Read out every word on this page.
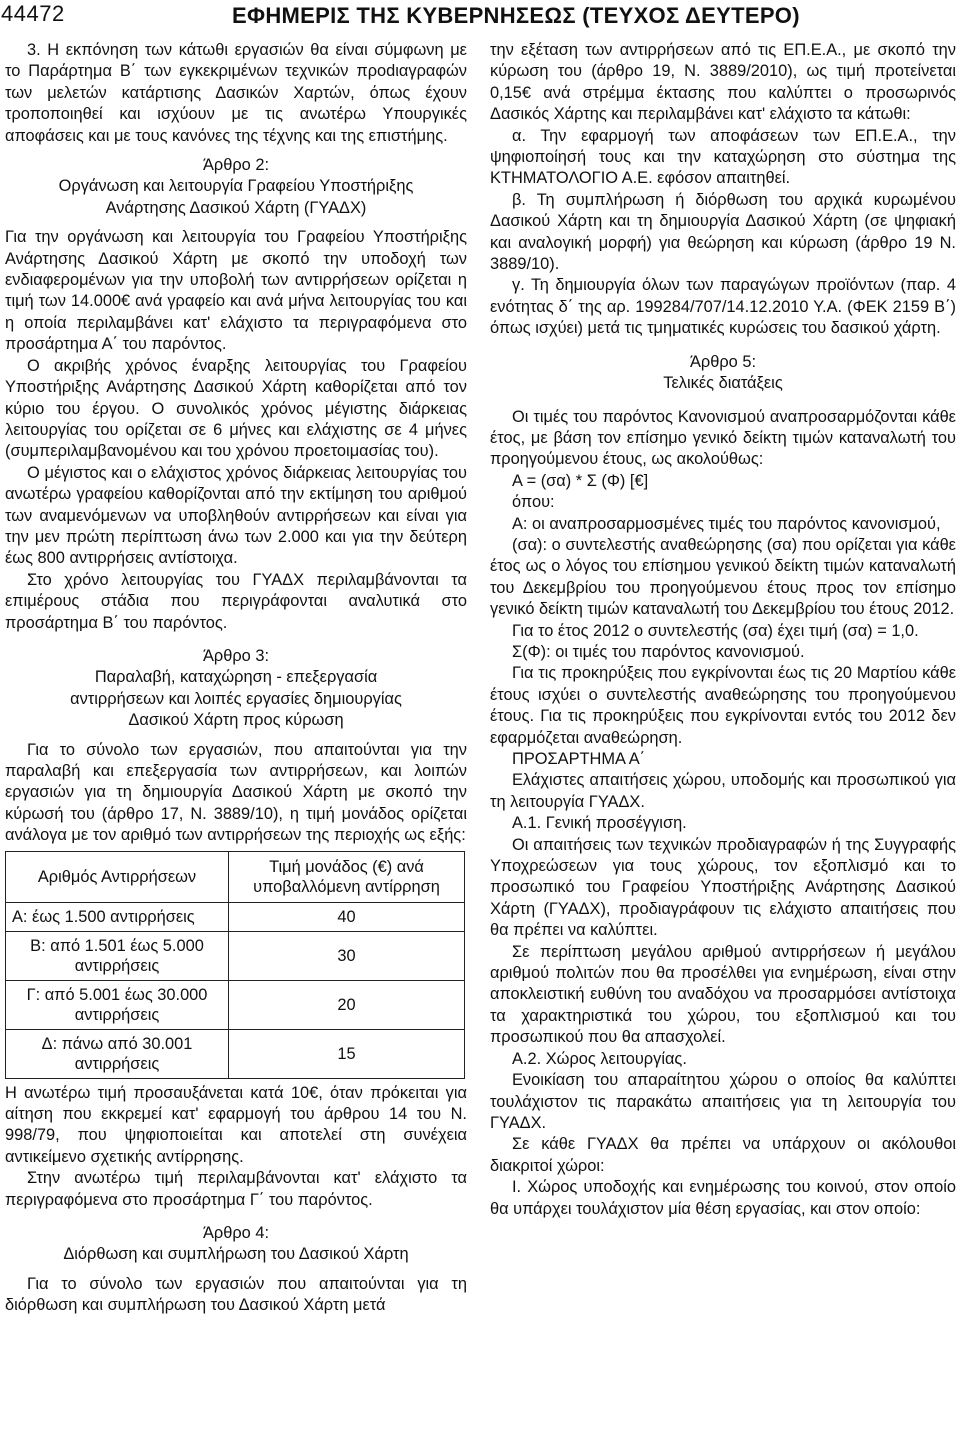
44472	ΕΦΗΜΕΡΙΣ ΤΗΣ ΚΥΒΕΡΝΗΣΕΩΣ (ΤΕΥΧΟΣ ΔΕΥΤΕΡΟ)

3. Η εκπόνηση των κάτωθι εργασιών θα είναι σύμφωνη με το Παράρτημα Β΄ των εγκεκριμένων τεχνικών προdιαγραφών των μελετών κατάρτισης Δασικών Χαρτών, όπως έχουν τροποποιηθεί και ισχύουν με τις ανωτέρω Υπουργικές αποφάσεις και με τους κανόνες της τέχνης και της επιστήμης.

Άρθρο 2:
Οργάνωση και λειτουργία Γραφείου Υποστήριξης
Ανάρτησης Δασικού Χάρτη (ΓΥΑΔΧ)

Για την οργάνωση και λειτουργία του Γραφείου Υποστήριξης Ανάρτησης Δασικού Χάρτη με σκοπό την υποδοχή των ενδιαφερομένων για την υποβολή των αντιρρήσεων ορίζεται η τιμή των 14.000€ ανά γραφείο και ανά μήνα λειτουργίας του και η οποία περιλαμβάνει κατ' ελάχιστο τα περιγραφόμενα στο προσάρτημα Α΄ του παρόντος.

Ο ακριβής χρόνος έναρξης λειτουργίας του Γραφείου Υποστήριξης Ανάρτησης Δασικού Χάρτη καθορίζεται από τον κύριο του έργου. Ο συνολικός χρόνος μέγιστης διάρκειας λειτουργίας του ορίζεται σε 6 μήνες και ελάχιστης σε 4 μήνες (συμπεριλαμβανομένου και του χρόνου προετοιμασίας του).

Ο μέγιστος και ο ελάχιστος χρόνος διάρκειας λειτουργίας του ανωτέρω γραφείου καθορίζονται από την εκτίμηση του αριθμού των αναμενόμενων να υποβληθούν αντιρρήσεων και είναι για την μεν πρώτη περίπτωση άνω των 2.000 και για την δεύτερη έως 800 αντιρρήσεις αντίστοιχα.

Στο χρόνο λειτουργίας του ΓΥΑΔΧ περιλαμβάνονται τα επιμέρους στάδια που περιγράφονται αναλυτικά στο προσάρτημα Β΄ του παρόντος.

Άρθρο 3:
Παραλαβή, καταχώρηση - επεξεργασία
αντιρρήσεων και λοιπές εργασίες δημιουργίας
Δασικού Χάρτη προς κύρωση

Για το σύνολο των εργασιών, που απαιτούνται για την παραλαβή και επεξεργασία των αντιρρήσεων, και λοιπών εργασιών για τη δημιουργία Δασικού Χάρτη με σκοπό την κύρωσή του (άρθρο 17, Ν. 3889/10), η τιμή μονάδος ορίζεται ανάλογα με τον αριθμό των αντιρρήσεων της περιοχής ως εξής:

Αριθμός Αντιρρήσεων	Τιμή μονάδος (€) ανά υποβαλλόμενη αντίρρηση
Α: έως 1.500 αντιρρήσεις	40
Β: από 1.501 έως 5.000 αντιρρήσεις	30
Γ: από 5.001 έως 30.000 αντιρρήσεις	20
Δ: πάνω από 30.001 αντιρρήσεις	15

Η ανωτέρω τιμή προσαυξάνεται κατά 10€, όταν πρόκειται για αίτηση που εκκρεμεί κατ' εφαρμογή του άρθρου 14 του Ν. 998/79, που ψηφιοποιείται και αποτελεί στη συνέχεια αντικείμενο σχετικής αντίρρησης.

Στην ανωτέρω τιμή περιλαμβάνονται κατ' ελάχιστο τα περιγραφόμενα στο προσάρτημα Γ΄ του παρόντος.

Άρθρο 4:
Διόρθωση και συμπλήρωση του Δασικού Χάρτη

Για το σύνολο των εργασιών που απαιτούνται για τη διόρθωση και συμπλήρωση του Δασικού Χάρτη μετά

την εξέταση των αντιρρήσεων από τις ΕΠ.Ε.Α., με σκοπό την κύρωση του (άρθρο 19, Ν. 3889/2010), ως τιμή προτείνεται 0,15€ ανά στρέμμα έκτασης που καλύπτει ο προσωρινός Δασικός Χάρτης και περιλαμβάνει κατ' ελάχιστο τα κάτωθι:

α. Την εφαρμογή των αποφάσεων των ΕΠ.Ε.Α., την ψηφιοποίησή τους και την καταχώρηση στο σύστημα της ΚΤΗΜΑΤΟΛΟΓΙΟ Α.Ε. εφόσον απαιτηθεί.

β. Τη συμπλήρωση ή διόρθωση του αρχικά κυρωμένου Δασικού Χάρτη και τη δημιουργία Δασικού Χάρτη (σε ψηφιακή και αναλογική μορφή) για θεώρηση και κύρωση (άρθρο 19 Ν. 3889/10).

γ. Τη δημιουργία όλων των παραγώγων προϊόντων (παρ. 4 ενότητας δ΄ της αρ. 199284/707/14.12.2010 Υ.Α. (ΦΕΚ 2159 Β΄) όπως ισχύει) μετά τις τμηματικές κυρώσεις του δασικού χάρτη.

Άρθρο 5:
Τελικές διατάξεις

Οι τιμές του παρόντος Κανονισμού αναπροσαρμόζονται κάθε έτος, με βάση τον επίσημο γενικό δείκτη τιμών καταναλωτή του προηγούμενου έτους, ως ακολούθως:

Α = (σα) * Σ (Φ) [€]

όπου:

Α: οι αναπροσαρμοσμένες τιμές του παρόντος κανονισμού,

(σα): ο συντελεστής αναθεώρησης (σα) που ορίζεται για κάθε έτος ως ο λόγος του επίσημου γενικού δείκτη τιμών καταναλωτή του Δεκεμβρίου του προηγούμενου έτους προς τον επίσημο γενικό δείκτη τιμών καταναλωτή του Δεκεμβρίου του έτους 2012.

Για το έτος 2012 ο συντελεστής (σα) έχει τιμή (σα) = 1,0.

Σ(Φ): οι τιμές του παρόντος κανονισμού.

Για τις προκηρύξεις που εγκρίνονται έως τις 20 Μαρτίου κάθε έτους ισχύει ο συντελεστής αναθεώρησης του προηγούμενου έτους. Για τις προκηρύξεις που εγκρίνονται εντός του 2012 δεν εφαρμόζεται αναθεώρηση.

ΠΡΟΣΑΡΤΗΜΑ Α΄

Ελάχιστες απαιτήσεις χώρου, υποδομής και προσωπικού για τη λειτουργία ΓΥΑΔΧ.

Α.1. Γενική προσέγγιση.

Οι απαιτήσεις των τεχνικών προδιαγραφών ή της Συγγραφής Υποχρεώσεων για τους χώρους, τον εξοπλισμό και το προσωπικό του Γραφείου Υποστήριξης Ανάρτησης Δασικού Χάρτη (ΓΥΑΔΧ), προδιαγράφουν τις ελάχιστο απαιτήσεις που θα πρέπει να καλύπτει.

Σε περίπτωση μεγάλου αριθμού αντιρρήσεων ή μεγάλου αριθμού πολιτών που θα προσέλθει για ενημέρωση, είναι στην αποκλειστική ευθύνη του αναδόχου να προσαρμόσει αντίστοιχα τα χαρακτηριστικά του χώρου, του εξοπλισμού και του προσωπικού που θα απασχολεί.

Α.2. Χώρος λειτουργίας.

Ενοικίαση του απαραίτητου χώρου ο οποίος θα καλύπτει τουλάχιστον τις παρακάτω απαιτήσεις για τη λειτουργία του ΓΥΑΔΧ.

Σε κάθε ΓΥΑΔΧ θα πρέπει να υπάρχουν οι ακόλουθοι διακριτοί χώροι:

Ι. Χώρος υποδοχής και ενημέρωσης του κοινού, στον οποίο θα υπάρχει τουλάχιστον μία θέση εργασίας, και στον οποίο:
